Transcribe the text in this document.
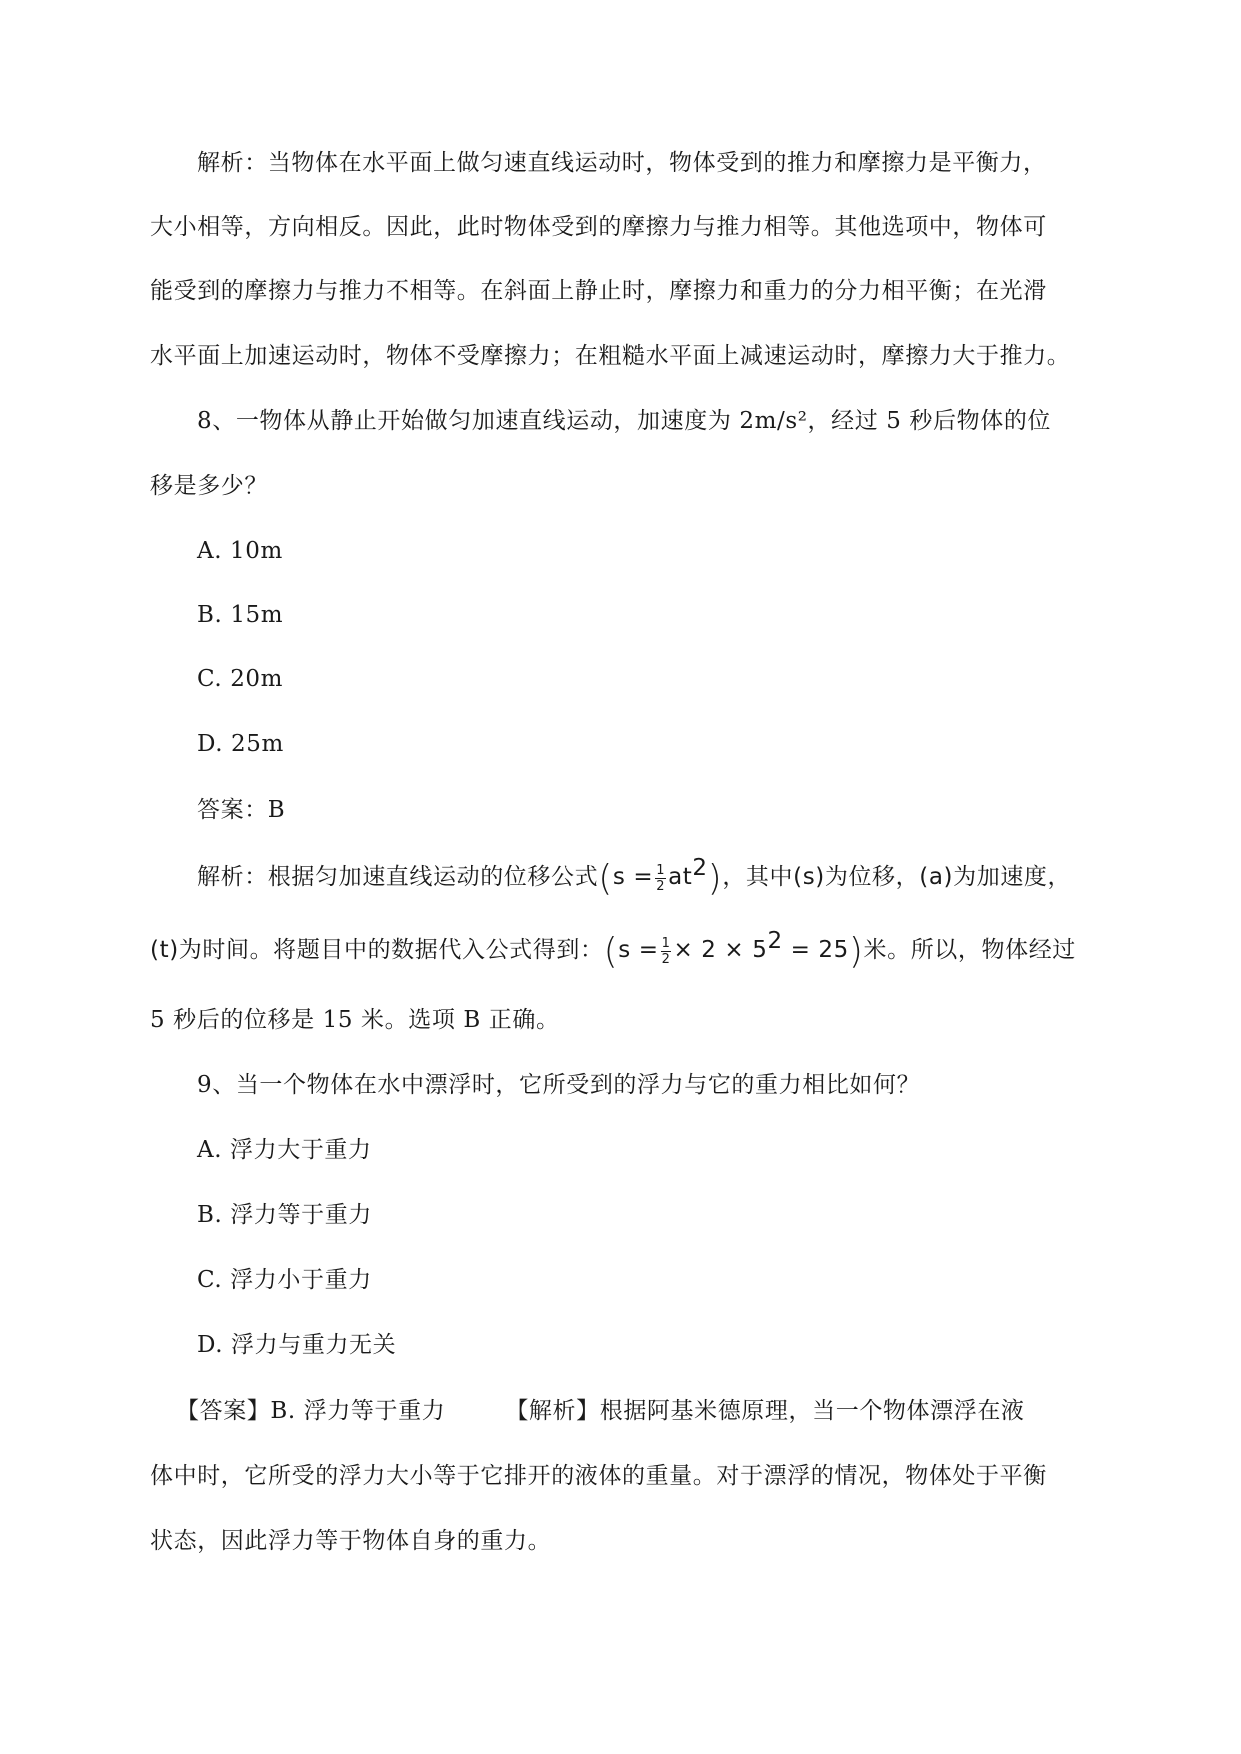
解析：当物体在水平面上做匀速直线运动时，物体受到的推力和摩擦力是平衡力，
大小相等，方向相反。因此，此时物体受到的摩擦力与推力相等。其他选项中，物体可
能受到的摩擦力与推力不相等。在斜面上静止时，摩擦力和重力的分力相平衡；在光滑
水平面上加速运动时，物体不受摩擦力；在粗糙水平面上减速运动时，摩擦力大于推力。
8、一物体从静止开始做匀加速直线运动，加速度为 2m/s²，经过 5 秒后物体的位
移是多少？
A. 10m
B. 15m
C. 20m
D. 25m
答案：B
解析：根据匀加速直线运动的位移公式$(s = \frac{1}{2} at^2)$，其中(s)为位移，(a)为加速度，
(t)为时间。将题目中的数据代入公式得到：$(s = \frac{1}{2} \times 2 \times 5^2 = 25)$米。所以，物体经过
5 秒后的位移是 15 米。选项 B 正确。
9、当一个物体在水中漂浮时，它所受到的浮力与它的重力相比如何？
A. 浮力大于重力
B. 浮力等于重力
C. 浮力小于重力
D. 浮力与重力无关
【答案】B. 浮力等于重力	【解析】根据阿基米德原理，当一个物体漂浮在液
体中时，它所受的浮力大小等于它排开的液体的重量。对于漂浮的情况，物体处于平衡
状态，因此浮力等于物体自身的重力。
